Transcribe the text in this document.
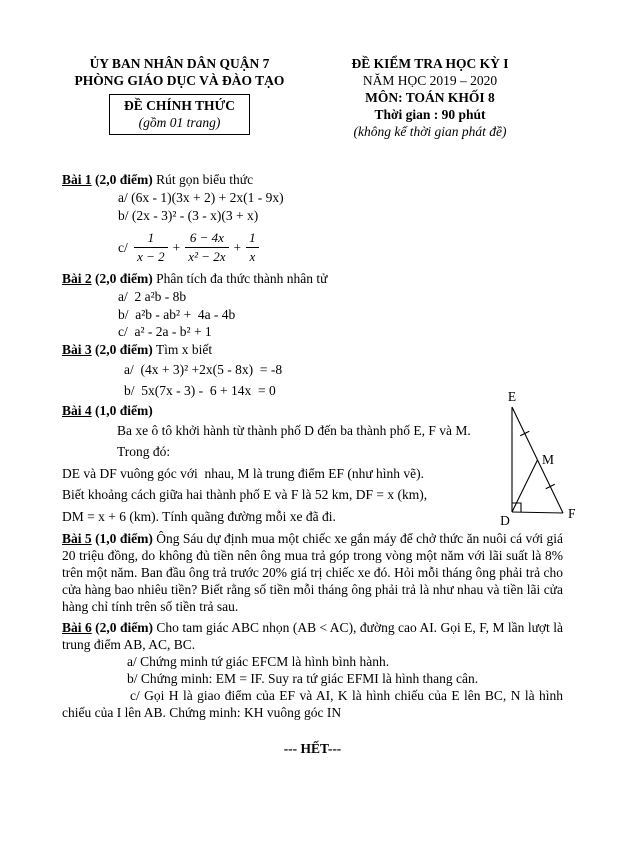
ỦY BAN NHÂN DÂN QUẬN 7
PHÒNG GIÁO DỤC VÀ ĐÀO TẠO
ĐỀ CHÍNH THỨC
(gồm 01 trang)
ĐỀ KIỂM TRA HỌC KỲ I
NĂM HỌC 2019 – 2020
MÔN: TOÁN KHỐI 8
Thời gian : 90 phút
(không kể thời gian phát đề)
Bài 1 (2,0 điểm) Rút gọn biểu thức
a/ (6x - 1)(3x + 2) + 2x(1 - 9x)
b/ (2x - 3)² - (3 - x)(3 + x)
c/
$\frac{1}{x - 2} + \frac{6 - 4x}{\text{x² − 2x}} + \frac{1}{x}$
Bài 2 (2,0 điểm) Phân tích đa thức thành nhân tử
a/  2 a²b - 8b
b/  a²b - ab² +  4a - 4b
c/  a² - 2a - b² + 1
Bài 3 (2,0 điểm) Tìm x biết
a/  (4x + 3)² +2x(5 - 8x)  = -8
b/  5x(7x - 3) -  6 + 14x  = 0
Bài 4 (1,0 điểm)
Ba xe ô tô khởi hành từ thành phố D đến ba thành phố E, F và M.
Trong đó:
DE và DF vuông góc với  nhau, M là trung điểm EF (như hình vẽ).
Biết khoảng cách giữa hai thành phố E và F là 52 km, DF = x (km),
DM = x + 6 (km). Tính quãng đường mỗi xe đã đi.
E
D	F
M

Bài 5 (1,0 điểm) Ông Sáu dự định mua một chiếc xe gắn máy để chở thức ăn nuôi cá với giá 20 triệu đồng, do không đủ tiền nên ông mua trả góp trong vòng một năm với lãi suất là 8% trên một năm. Ban đầu ông trả trước 20% giá trị chiếc xe đó. Hỏi mỗi tháng ông phải trả cho cửa hàng bao nhiêu tiền? Biết rằng số tiền mỗi tháng ông phải trả là như nhau và tiền lãi cửa hàng chỉ tính trên số tiền trả sau.

Bài 6 (2,0 điểm) Cho tam giác ABC nhọn (AB < AC), đường cao AI. Gọi E, F, M lần lượt là trung điểm AB, AC, BC.

a/ Chứng minh tứ giác EFCM là hình bình hành.
b/ Chứng minh: EM = IF. Suy ra tứ giác EFMI là hình thang cân.

c/ Gọi H là giao điểm của EF và AI, K là hình chiếu của E lên BC, N là hình chiếu của I lên AB. Chứng minh: KH vuông góc IN

--- HẾT---
